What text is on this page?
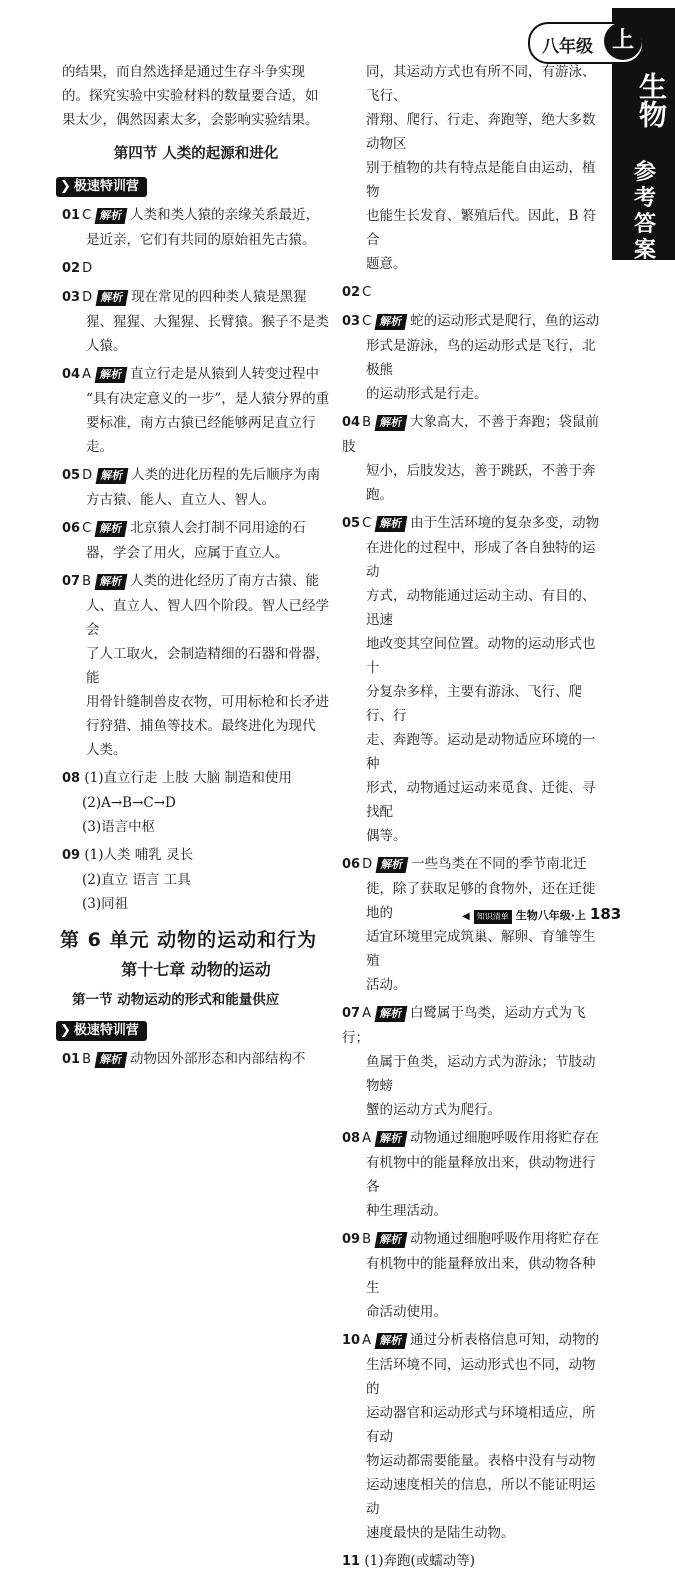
八年级 上
生物
参
考
答
案
的结果，而自然选择是通过生存斗争实现
的。探究实验中实验材料的数量要合适，如
果太少，偶然因素太多，会影响实验结果。
第四节 人类的起源和进化
❯ 极速特训营
01 C 解析 人类和类人猿的亲缘关系最近，
是近亲，它们有共同的原始祖先古猿。
02 D
03 D 解析 现在常见的四种类人猿是黑猩
猩、猩猩、大猩猩、长臂猿。猴子不是类
人猿。
04 A 解析 直立行走是从猿到人转变过程中
“具有决定意义的一步”，是人猿分界的重
要标准，南方古猿已经能够两足直立行走。
05 D 解析 人类的进化历程的先后顺序为南
方古猿、能人、直立人、智人。
06 C 解析 北京猿人会打制不同用途的石
器，学会了用火，应属于直立人。
07 B 解析 人类的进化经历了南方古猿、能
人、直立人、智人四个阶段。智人已经学会
了人工取火，会制造精细的石器和骨器，能
用骨针缝制兽皮衣物，可用标枪和长矛进
行狩猎、捕鱼等技术。最终进化为现代
人类。
08 (1)直立行走 上肢 大脑 制造和使用
(2)A→B→C→D
(3)语言中枢
09 (1)人类 哺乳 灵长
(2)直立 语言 工具
(3)同祖
第 6 单元 动物的运动和行为
第十七章 动物的运动
第一节 动物运动的形式和能量供应
❯ 极速特训营
01 B 解析 动物因外部形态和内部结构不
同，其运动方式也有所不同，有游泳、飞行、
滑翔、爬行、行走、奔跑等，绝大多数动物区
别于植物的共有特点是能自由运动，植物
也能生长发育、繁殖后代。因此，B 符合
题意。
02 C
03 C 解析 蛇的运动形式是爬行，鱼的运动
形式是游泳，鸟的运动形式是飞行，北极熊
的运动形式是行走。
04 B 解析 大象高大，不善于奔跑；袋鼠前肢
短小，后肢发达，善于跳跃，不善于奔跑。
05 C 解析 由于生活环境的复杂多变，动物
在进化的过程中，形成了各自独特的运动
方式，动物能通过运动主动、有目的、迅速
地改变其空间位置。动物的运动形式也十
分复杂多样，主要有游泳、飞行、爬行、行
走、奔跑等。运动是动物适应环境的一种
形式，动物通过运动来觅食、迁徙、寻找配
偶等。
06 D 解析 一些鸟类在不同的季节南北迁
徙，除了获取足够的食物外，还在迁徙地的
适宜环境里完成筑巢、解卵、育雏等生殖
活动。
07 A 解析 白鹭属于鸟类，运动方式为飞行；
鱼属于鱼类，运动方式为游泳；节肢动物螃
蟹的运动方式为爬行。
08 A 解析 动物通过细胞呼吸作用将贮存在
有机物中的能量释放出来，供动物进行各
种生理活动。
09 B 解析 动物通过细胞呼吸作用将贮存在
有机物中的能量释放出来，供动物各种生
命活动使用。
10 A 解析 通过分析表格信息可知，动物的
生活环境不同，运动形式也不同，动物的
运动器官和运动形式与环境相适应，所有动
物运动都需要能量。表格中没有与动物
运动速度相关的信息，所以不能证明运动
速度最快的是陆生动物。
11 (1)奔跑(或蠕动等)
◀ 知识清单 生物八年级·上 183
